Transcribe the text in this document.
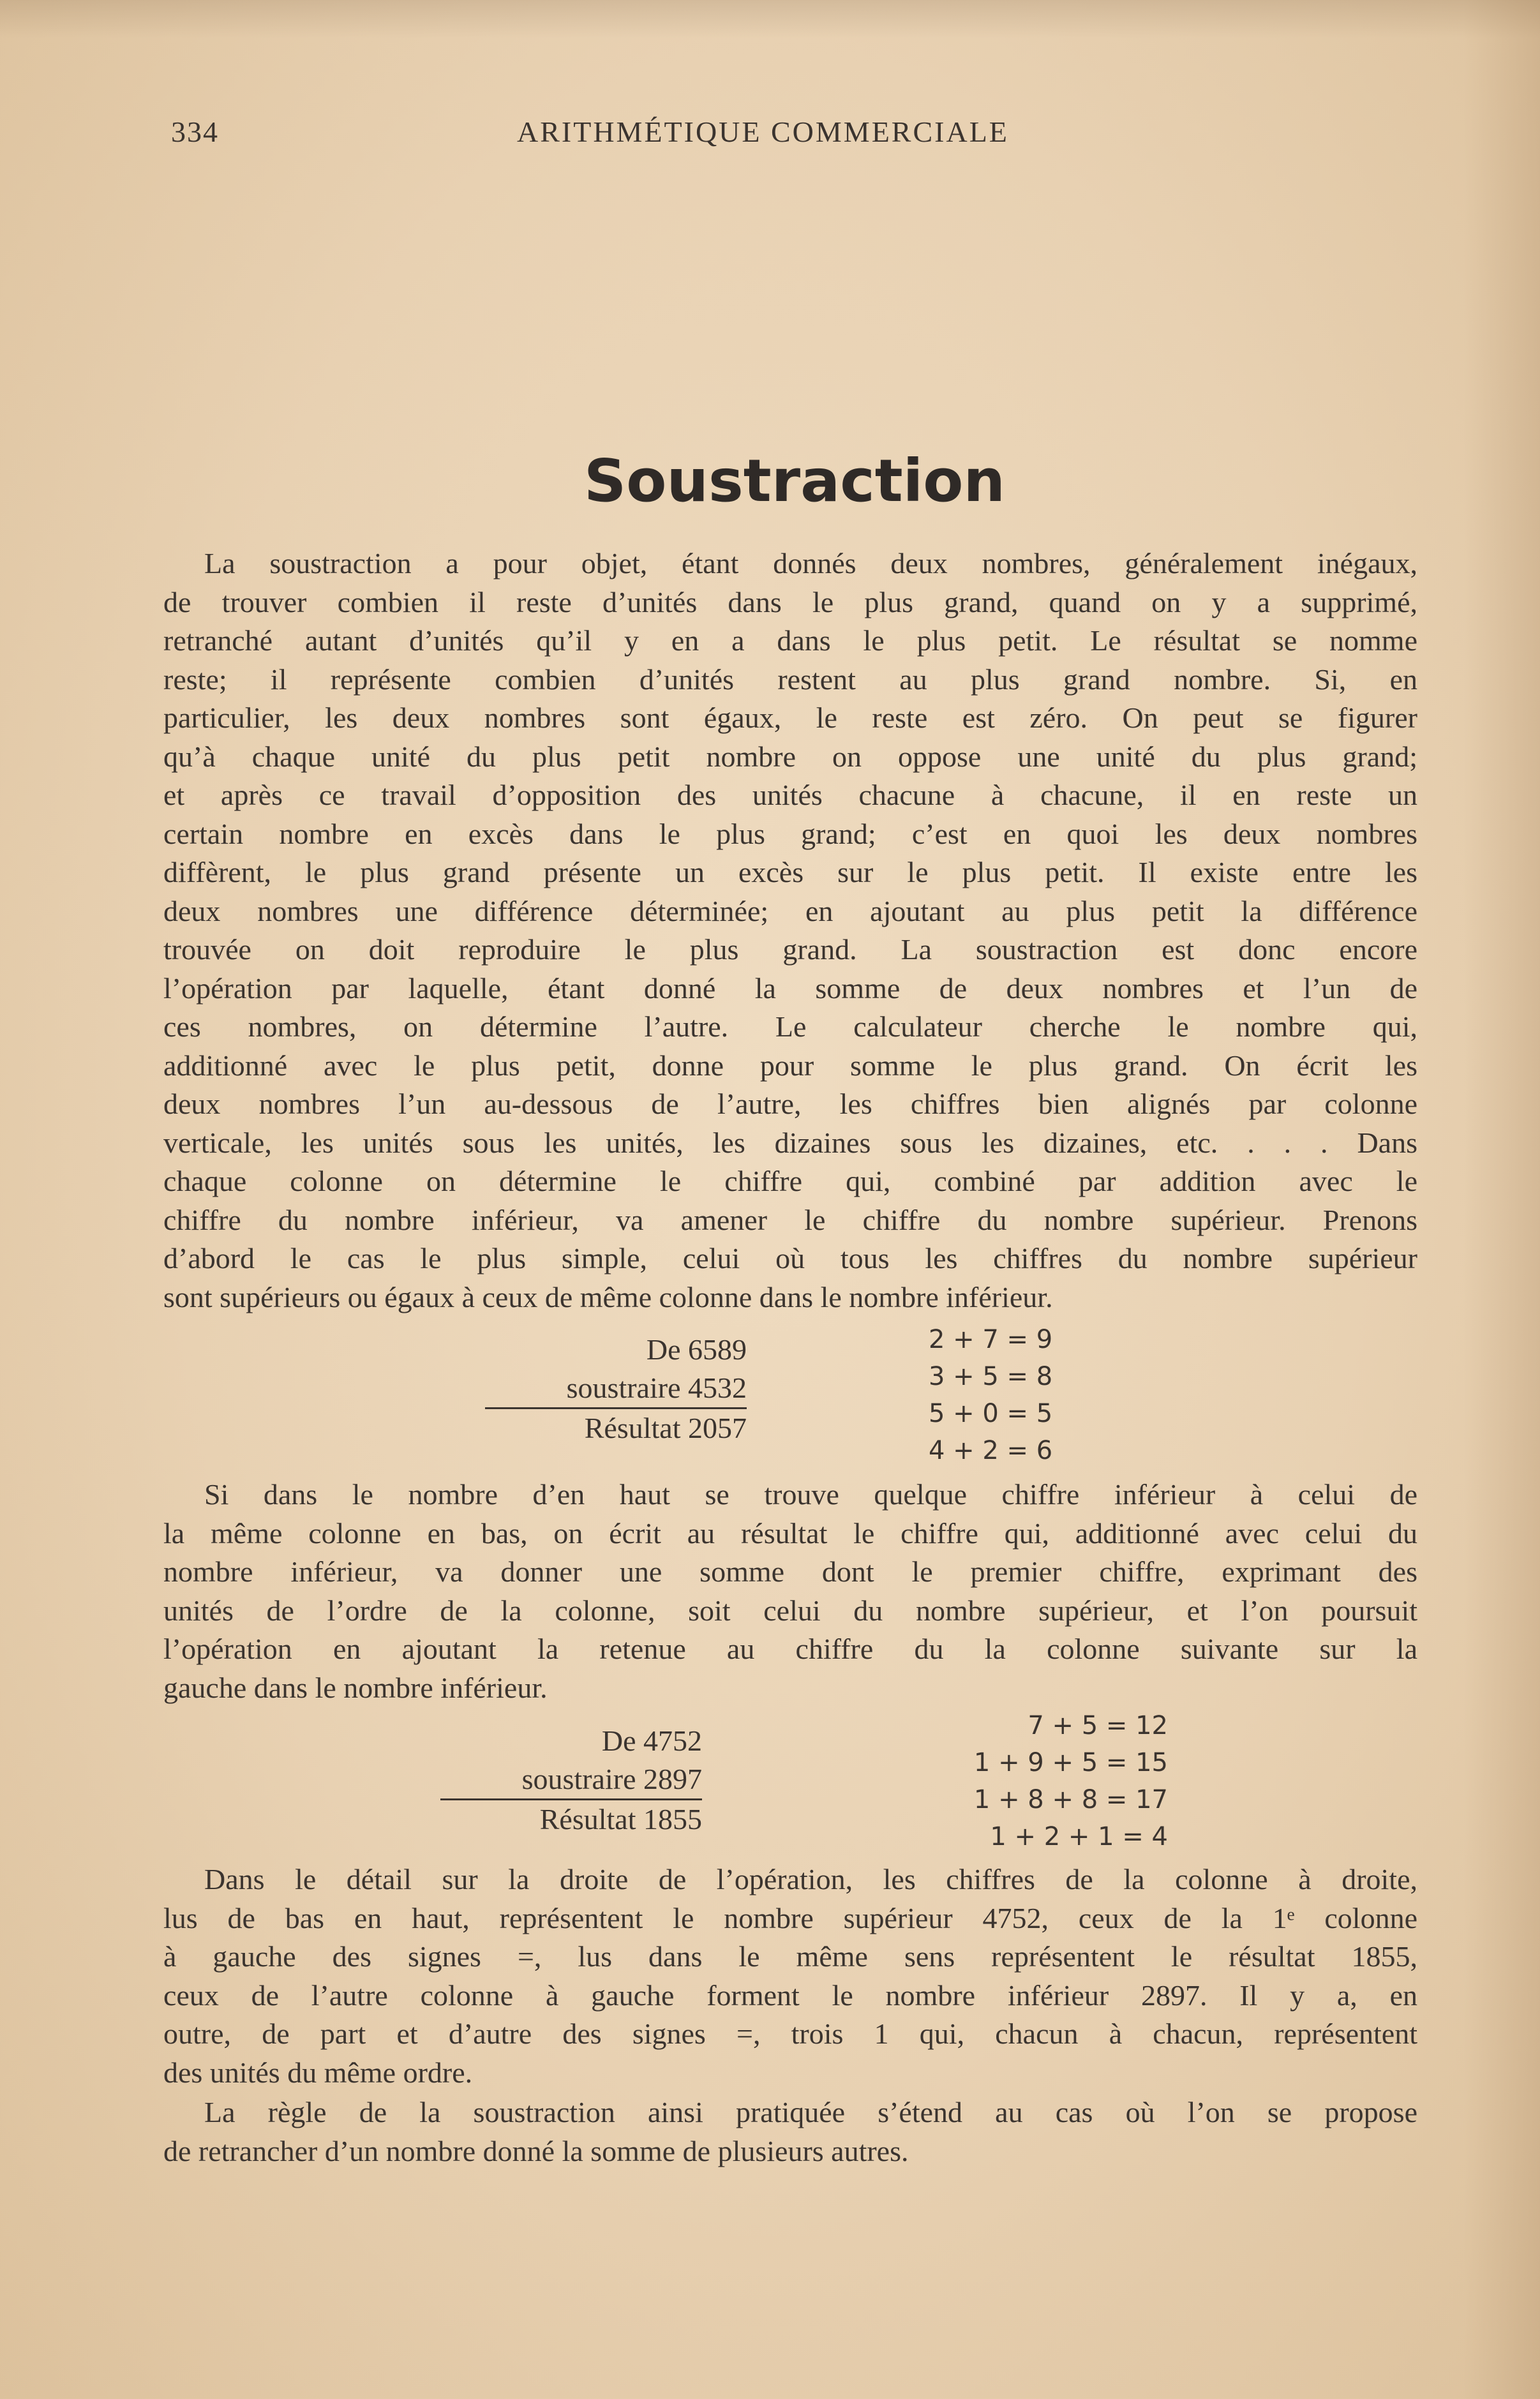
334	ARITHMÉTIQUE COMMERCIALE
Soustraction
La soustraction a pour objet, étant donnés deux nombres, généralement inégaux,
de trouver combien il reste d’unités dans le plus grand, quand on y a supprimé,
retranché autant d’unités qu’il y en a dans le plus petit. Le résultat se nomme
reste; il représente combien d’unités restent au plus grand nombre. Si, en
particulier, les deux nombres sont égaux, le reste est zéro. On peut se figurer
qu’à chaque unité du plus petit nombre on oppose une unité du plus grand;
et après ce travail d’opposition des unités chacune à chacune, il en reste un
certain nombre en excès dans le plus grand; c’est en quoi les deux nombres
diffèrent, le plus grand présente un excès sur le plus petit. Il existe entre les
deux nombres une différence déterminée; en ajoutant au plus petit la différence
trouvée on doit reproduire le plus grand. La soustraction est donc encore
l’opération par laquelle, étant donné la somme de deux nombres et l’un de
ces nombres, on détermine l’autre. Le calculateur cherche le nombre qui,
additionné avec le plus petit, donne pour somme le plus grand. On écrit les
deux nombres l’un au-dessous de l’autre, les chiffres bien alignés par colonne
verticale, les unités sous les unités, les dizaines sous les dizaines, etc. . . . Dans
chaque colonne on détermine le chiffre qui, combiné par addition avec le
chiffre du nombre inférieur, va amener le chiffre du nombre supérieur. Prenons
d’abord le cas le plus simple, celui où tous les chiffres du nombre supérieur
sont supérieurs ou égaux à ceux de même colonne dans le nombre inférieur.
De 6589
soustraire 4532
Résultat 2057
2 + 7 = 9
3 + 5 = 8
5 + 0 = 5
4 + 2 = 6
Si dans le nombre d’en haut se trouve quelque chiffre inférieur à celui de
la même colonne en bas, on écrit au résultat le chiffre qui, additionné avec celui du
nombre inférieur, va donner une somme dont le premier chiffre, exprimant des
unités de l’ordre de la colonne, soit celui du nombre supérieur, et l’on poursuit
l’opération en ajoutant la retenue au chiffre du la colonne suivante sur la
gauche dans le nombre inférieur.
De 4752
soustraire 2897
Résultat 1855
7 + 5 = 12
1 + 9 + 5 = 15
1 + 8 + 8 = 17
1 + 2 + 1 = 4
Dans le détail sur la droite de l’opération, les chiffres de la colonne à droite,
lus de bas en haut, représentent le nombre supérieur 4752, ceux de la 1ᵉ colonne
à gauche des signes =, lus dans le même sens représentent le résultat 1855,
ceux de l’autre colonne à gauche forment le nombre inférieur 2897. Il y a, en
outre, de part et d’autre des signes =, trois 1 qui, chacun à chacun, représentent
des unités du même ordre.
La règle de la soustraction ainsi pratiquée s’étend au cas où l’on se propose
de retrancher d’un nombre donné la somme de plusieurs autres.
